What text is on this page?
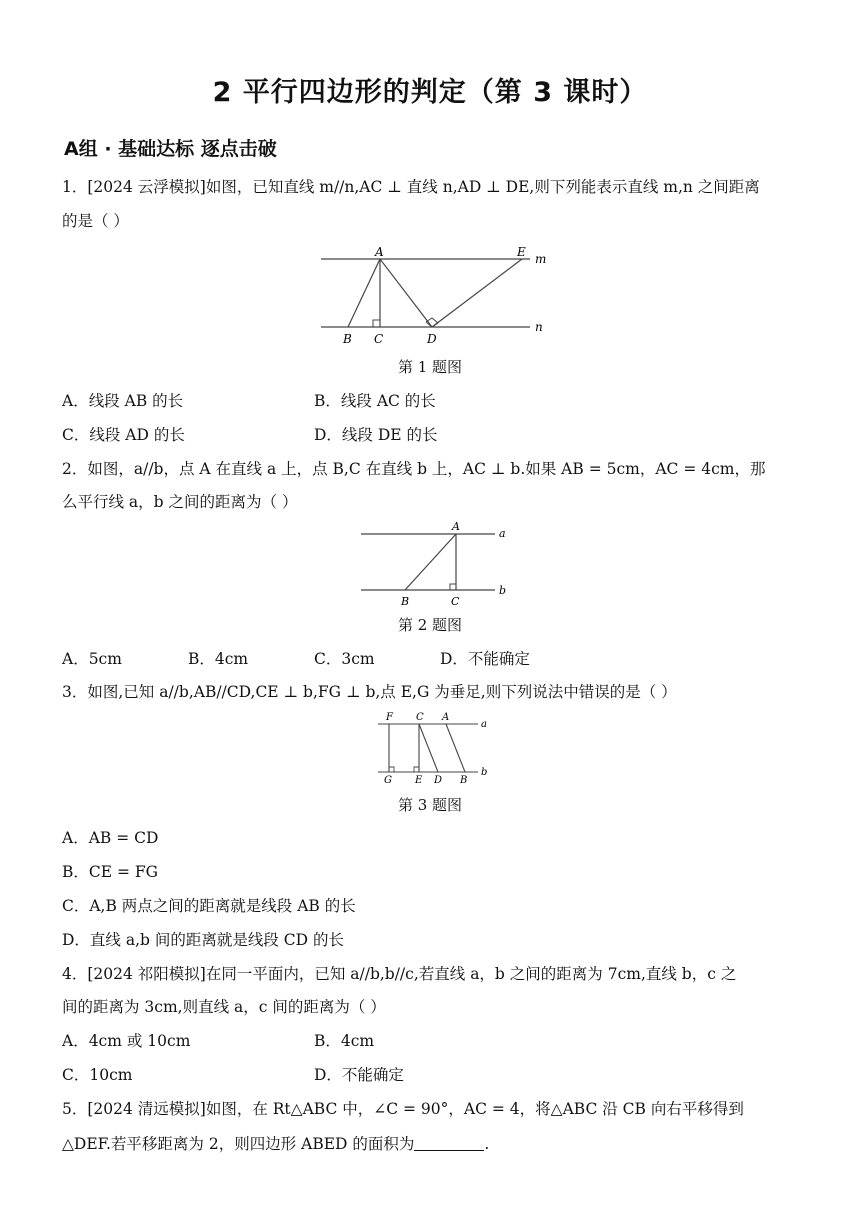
2 平行四边形的判定（第 3 课时）
A组 · 基础达标 逐点击破
1．[2024 云浮模拟]如图，已知直线 m//n,AC ⊥ 直线 n,AD ⊥ DE,则下列能表示直线 m,n 之间距离
的是（ ）
A	E m
B C	D
n
第 1 题图
A．线段 AB 的长	B．线段 AC 的长
C．线段 AD 的长	D．线段 DE 的长
2．如图，a//b，点 A 在直线 a 上，点 B,C 在直线 b 上，AC ⊥ b.如果 AB = 5cm，AC = 4cm，那
么平行线 a，b 之间的距离为（ ）
A
a
B	C
b
第 2 题图
A．5cm	B．4cm	C．3cm	D．不能确定
3．如图,已知 a//b,AB//CD,CE ⊥ b,FG ⊥ b,点 E,G 为垂足,则下列说法中错误的是（ ）
F C A
a
G E D B
b
第 3 题图
A．AB = CD
B．CE = FG
C．A,B 两点之间的距离就是线段 AB 的长
D．直线 a,b 间的距离就是线段 CD 的长
4．[2024 祁阳模拟]在同一平面内，已知 a//b,b//c,若直线 a，b 之间的距离为 7cm,直线 b，c 之
间的距离为 3cm,则直线 a，c 间的距离为（ ）
A．4cm 或 10cm	B．4cm
C．10cm	D．不能确定
5．[2024 清远模拟]如图，在 Rt△ABC 中，∠C = 90°，AC = 4，将△ABC 沿 CB 向右平移得到
△DEF.若平移距离为 2，则四边形 ABED 的面积为	.
